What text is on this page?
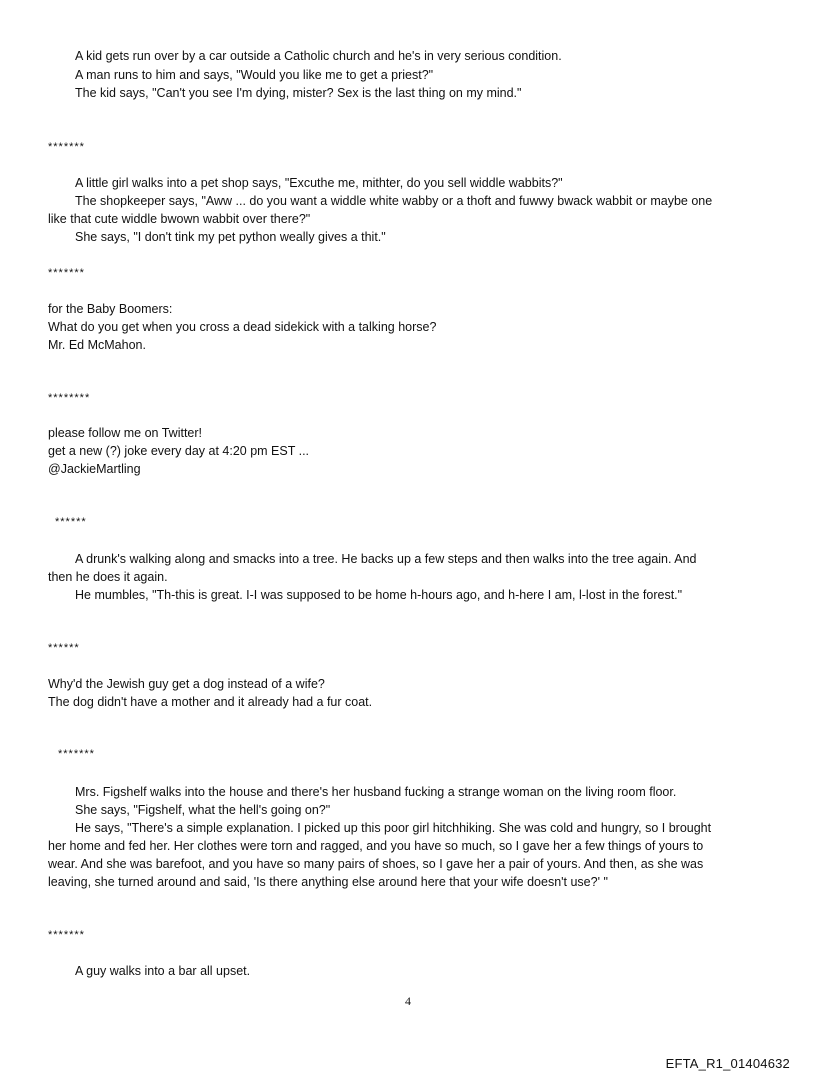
A kid gets run over by a car outside a Catholic church and he's in very serious condition.
A man runs to him and says, "Would you like me to get a priest?"
The kid says, "Can't you see I'm dying, mister? Sex is the last thing on my mind."
*******
A little girl walks into a pet shop says, "Excuthe me, mithter, do you sell widdle wabbits?"
The shopkeeper says, "Aww ... do you want a widdle white wabby or a thoft and fuwwy bwack wabbit or maybe one
like that cute widdle bwown wabbit over there?"
She says, "I don't tink my pet python weally gives a thit."
*******
for the Baby Boomers:
What do you get when you cross a dead sidekick with a talking horse?
Mr. Ed McMahon.
********
please follow me on Twitter!
get a new (?) joke every day at 4:20 pm EST ...
@JackieMartling
******
A drunk's walking along and smacks into a tree. He backs up a few steps and then walks into the tree again. And
then he does it again.
He mumbles, "Th-this is great. I-I was supposed to be home h-hours ago, and h-here I am, l-lost in the forest."
******
Why'd the Jewish guy get a dog instead of a wife?
The dog didn't have a mother and it already had a fur coat.
*******
Mrs. Figshelf walks into the house and there's her husband fucking a strange woman on the living room floor.
She says, "Figshelf, what the hell's going on?"
He says, "There's a simple explanation. I picked up this poor girl hitchhiking. She was cold and hungry, so I brought
her home and fed her. Her clothes were torn and ragged, and you have so much, so I gave her a few things of yours to
wear. And she was barefoot, and you have so many pairs of shoes, so I gave her a pair of yours. And then, as she was
leaving, she turned around and said, 'Is there anything else around here that your wife doesn't use?' "
*******
A guy walks into a bar all upset.
4
EFTA_R1_01404632
